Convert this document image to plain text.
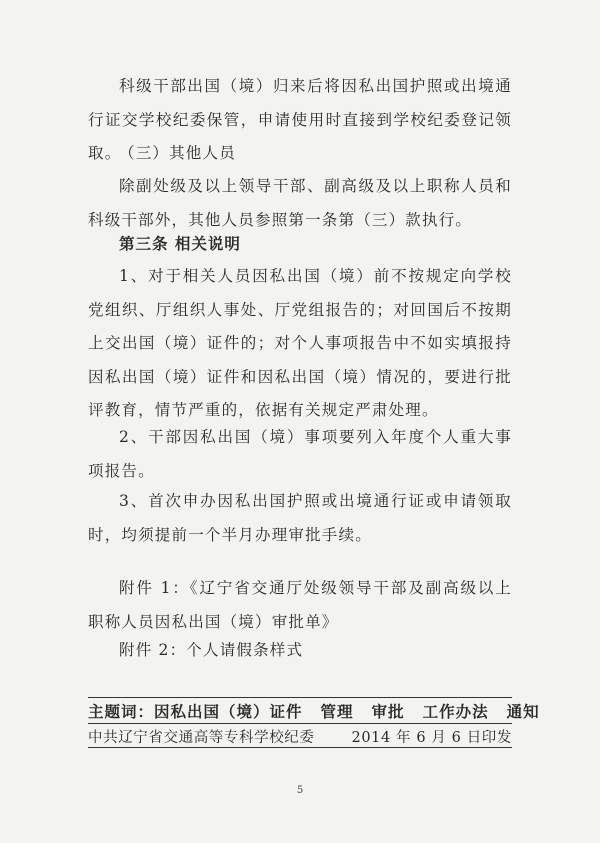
科级干部出国（境）归来后将因私出国护照或出境通行证交学校纪委保管，申请使用时直接到学校纪委登记领取。

（三）其他人员

除副处级及以上领导干部、副高级及以上职称人员和科级干部外，其他人员参照第一条第（三）款执行。

第三条 相关说明

1、对于相关人员因私出国（境）前不按规定向学校党组织、厅组织人事处、厅党组报告的；对回国后不按期上交出国（境）证件的；对个人事项报告中不如实填报持因私出国（境）证件和因私出国（境）情况的，要进行批评教育，情节严重的，依据有关规定严肃处理。

2、干部因私出国（境）事项要列入年度个人重大事项报告。

3、首次申办因私出国护照或出境通行证或申请领取时，均须提前一个半月办理审批手续。

附件 1：《辽宁省交通厅处级领导干部及副高级以上职称人员因私出国（境）审批单》

附件 2：个人请假条样式

主题词： 因私出国（境）证件 管理 审批 工作办法 通知
中共辽宁省交通高等专科学校纪委	2014 年 6 月 6 日印发
5
